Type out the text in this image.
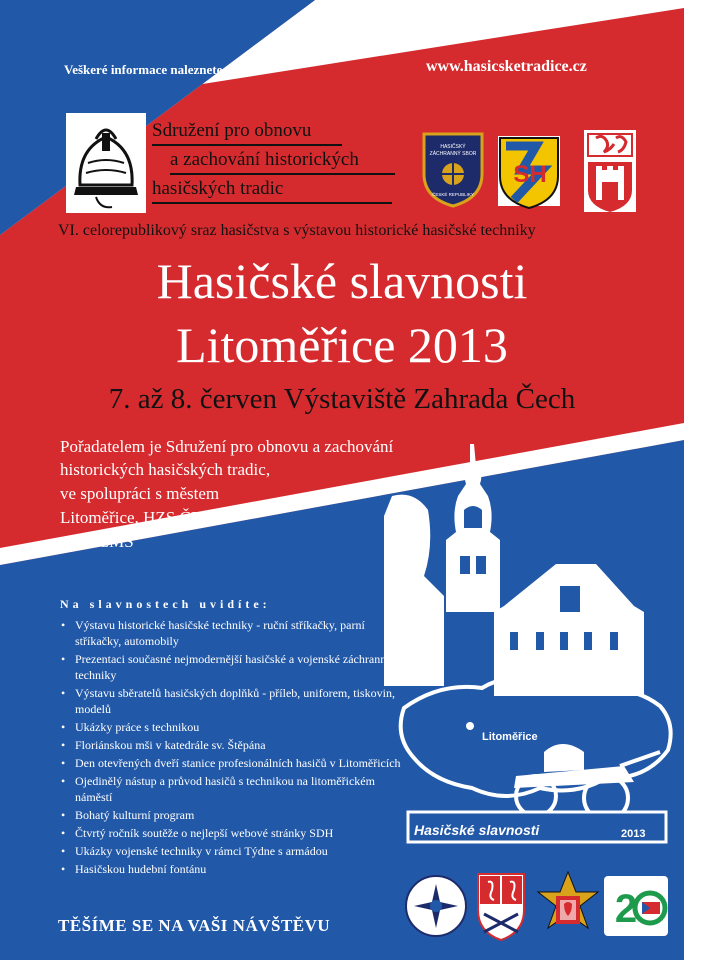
Veškeré informace naleznete na	www.hasicsketradice.cz
Sdružení pro obnovu
a zachování historických
hasičských tradic
HASIČSKÝ
ZÁCHRANNÝ SBOR
ČESKÉ REPUBLIKY
SH
VI. celorepublikový sraz hasičstva s výstavou historické hasičské techniky
Hasičské slavnosti
Litoměřice 2013
7. až 8. červen Výstaviště Zahrada Čech
Pořadatelem je Sdružení pro obnovu a zachování
historických hasičských tradic,
ve spolupráci s městem
Litoměřice, HZS ČR
a SH ČMS
Litoměřice
Hasičské slavnosti	2013
Na slavnostech uvidíte:
• Výstavu historické hasičské techniky - ruční stříkačky, parní stříkačky, automobily
• Prezentaci současné nejmodernější hasičské a vojenské záchranné techniky
• Výstavu sběratelů hasičských doplňků - příleb, uniforem, tiskovin, modelů
• Ukázky práce s technikou
• Floriánskou mši v katedrále sv. Štěpána
• Den otevřených dveří stanice profesionálních hasičů v Litoměřicích
• Ojedinělý nástup a průvod hasičů s technikou na litoměřickém náměstí
• Bohatý kulturní program
• Čtvrtý ročník soutěže o nejlepší webové stránky SDH
• Ukázky vojenské techniky v rámci Týdne s armádou
• Hasičskou hudební fontánu
TĚŠÍME SE NA VAŠI NÁVŠTĚVU	2
